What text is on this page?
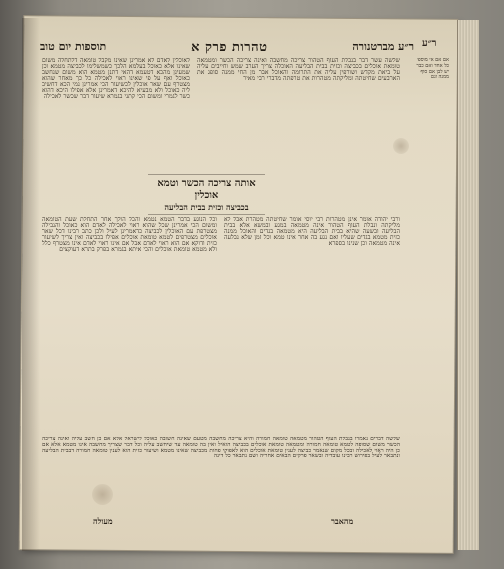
ר״ע מברטנורה
טהרות פרק א
תוספות יום טוב	ר״ע
אם אם אי מוספ׳ כל אחד ואם כבר יש לבן אם סוף ממנה וגם
לאוכלין לאדם לא אמרינן שאינו מקבל טומאה דלתחלה משום שאינו אלא כאוכל בעלמא הלכך כשמשלימו לכביצה מטמא וכן שמעינן מהכא דטעמא דהאי דתנן מטמא הוא משום שנחשב כאוכל ואף על פי שאינו ראוי לאכילה כל כך מאחר שהוא מצטרף עם שאר אוכלין לכשיעור הכי אמרינן נמי הכא דחשיב ליה כאוכל ולא מבעיא להיכא דאמרינן אלא אפילו היכא דהוא כשר לגמרי ומשום הכי קתני בגמרא שיעור דבר שכשר לאכילה
שלשה עשר דבר בנבלת העוף הטהור צריכה מחשבה ואינה צריכה הכשר ומטמאה טומאת אוכלים בכביצה וכזית בבית הבליעה האוכלה צריך הערב שמש וחייבים עליה על ביאת מקדש ושורפין עליה את התרומה והאוכל אבר מן החי ממנה סופג את הארבעים שחיטתה ומליקתה מטהרות את טרפתה מדברי רבי מאיר
אותה צריכה הכשר וטמא אוכלין
בכביצה וכזית בבית הבליעה
וכל הנוגע בדבר הטמא נטמא והכל הולך אחר התחלת שעת הטומאה ומשום הכי אמרינן שכל שהוא ראוי לאכילה לאדם הוא כאוכל והנבילה מצטרפת עם האוכלין לכביצה כדאמרינן לעיל ולכן כתב רבינו דכל שאר אוכלים מצטרפים לטמא טומאת אוכלים אפילו בכביצה ואין צריך לשיעור כזית ודוקא אם הוא ראוי לאדם אבל אם אינו ראוי לאדם אינו מצטרף כלל ולא מטמא טומאת אוכלים והכי איתא בגמרא בפרק בתרא דעוקצים
ורבי יהודה אומר אינן מטהרות רבי יוסי אומר שחיטתה מטהרת אבל לא מליקתה ונבלת העוף הטהור אינה מטמאה במגע ובמשא אלא בבית הבליעה ובשעה שהיא בבית הבליעה היא מטמאה בגדים והאוכל ממנה כזית מטמא בגדים שעליו ואם נגע בה אחר אינו טמא וכל זמן שלא נבלעה אינה מטמאה וכן שנינו בספרא
שלשה דברים נאמרו בנבלת העוף הטהור מטמאה טומאה חמורה והיא צריכה מחשבה מטעם שאינה חשובה כאוכל לישראל אלא אם כן חשב עליה ואינה צריכה הכשר משום שסופה לטמא טומאה חמורה ומטמאה טומאת אוכלים בכביצה הואיל ואין בה טומאה עד שיחשב עליה וכל דבר שצריך מחשבה אינו מטמא אלא אם כן היה ראוי לאכילה ובכל מקום שנאמר כביצה לענין טומאת אוכלים הוא לאפוקי פחות מכביצה שאינו מטמא ושיעור כזית הוא לענין טומאה חמורה דבבית הבליעה ונתבאר לעיל בפירוש רבינו עובדיה ובשאר פרקים הבאים אחריה ושם נתבאר כל דינה
מעולה	מהאבר
